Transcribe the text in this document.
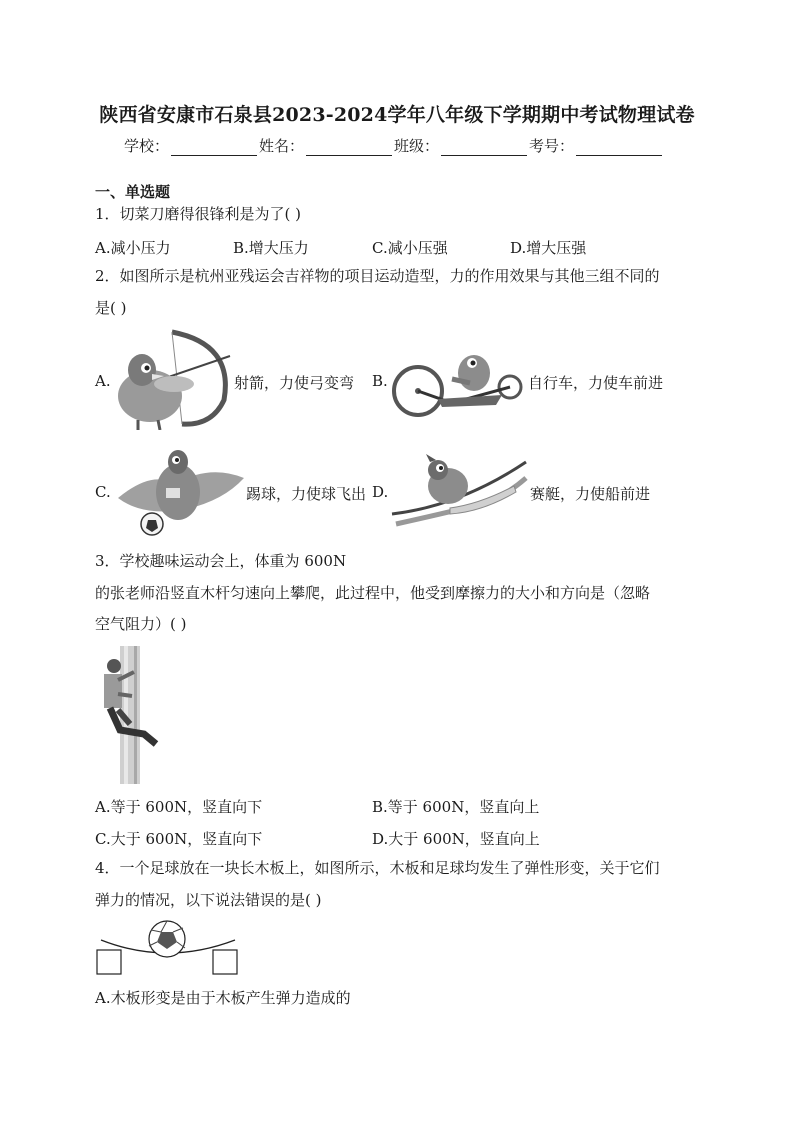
陕西省安康市石泉县2023-2024学年八年级下学期期中考试物理试卷
学校：	姓名：	班级：	考号：
一、单选题
1．切菜刀磨得很锋利是为了( )
A.减小压力	B.增大压力	C.减小压强	D.增大压强
2．如图所示是杭州亚残运会吉祥物的项目运动造型，力的作用效果与其他三组不同的
是( )
A.	射箭，力使弓变弯 B.	自行车，力使车前进
C.	踢球，力使球飞出 D.	赛艇，力使船前进
3．学校趣味运动会上，体重为 600N
的张老师沿竖直木杆匀速向上攀爬，此过程中，他受到摩擦力的大小和方向是（忽略
空气阻力）( )
A.等于 600N，竖直向下	B.等于 600N，竖直向上
C.大于 600N，竖直向下	D.大于 600N，竖直向上
4．一个足球放在一块长木板上，如图所示，木板和足球均发生了弹性形变，关于它们
弹力的情况，以下说法错误的是( )
A.木板形变是由于木板产生弹力造成的
